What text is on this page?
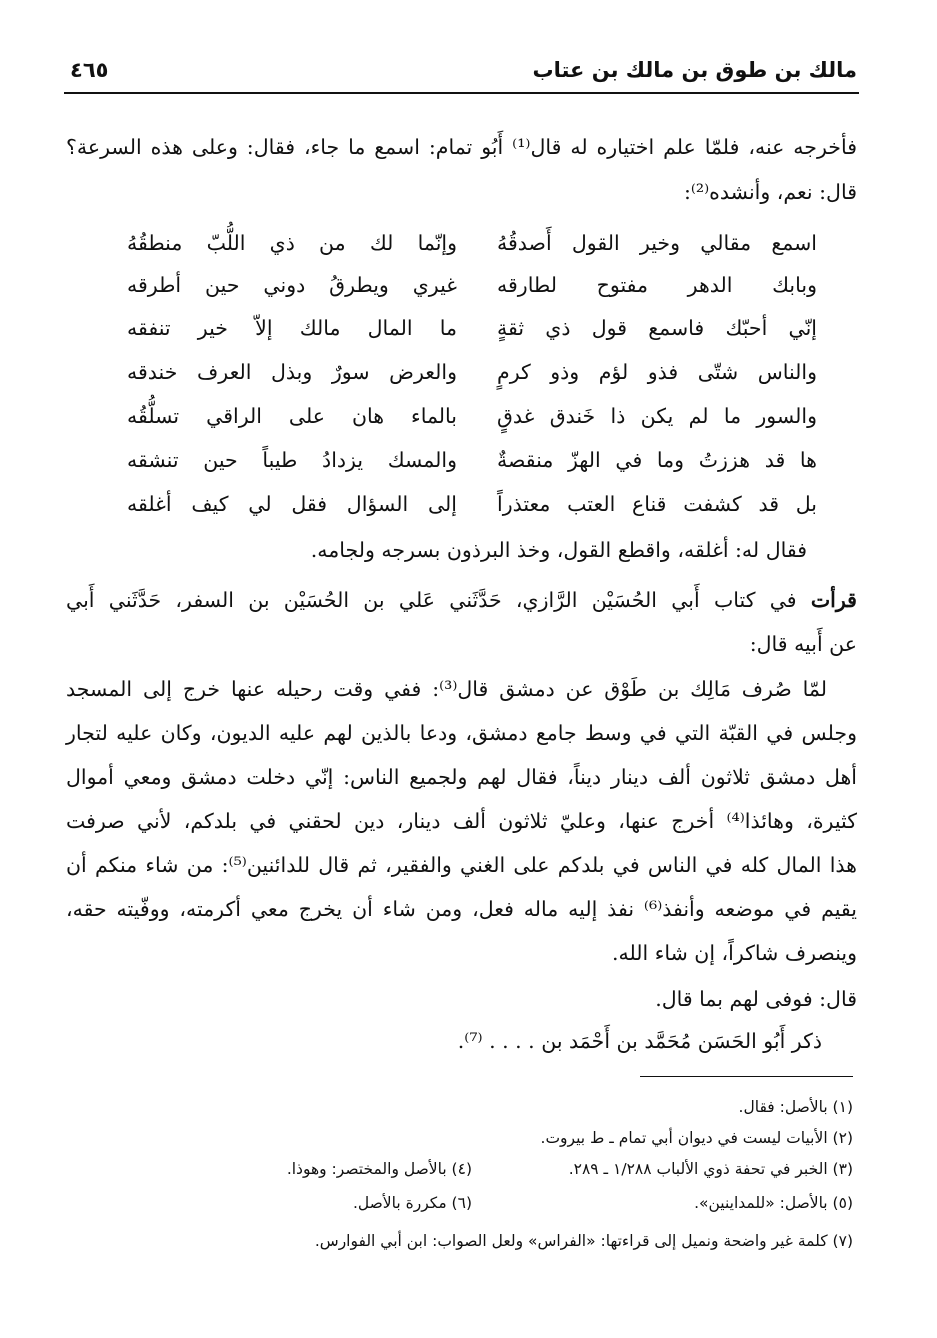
مالك بن طوق بن مالك بن عتاب
٤٦٥
فأخرجه عنه، فلمّا علم اختياره له قال⁽¹⁾ أَبُو تمام: اسمع ما جاء، فقال: وعلى هذه السرعة؟
قال: نعم، وأنشده⁽²⁾:
اسمع مقالي وخير القول أَصدقُهُ
وإنّما لك من ذي اللُّبّ منطقُهُ
وبابك الدهر مفتوح لطارقه
غيري ويطرقُ دوني حين أطرقه
إنّي أحبّك فاسمع قول ذي ثقةٍ
ما المال مالك إلاّ خير تنفقه
والناس شتّى فذو لؤم وذو كرمٍ
والعرض سورٌ وبذل العرف خندقه
والسور ما لم يكن ذا خَندق غدقٍ
بالماء هان على الراقي تسلُّقُه
ها قد هززتُ وما في الهزّ منقصةٌ
والمسك يزدادُ طيباً حين تنشقه
بل قد كشفت قناع العتب معتذراً
إلى السؤال فقل لي كيف أغلقه
فقال له: أغلقه، واقطع القول، وخذ البرذون بسرجه ولجامه.
قرأت في كتاب أَبي الحُسَيْن الرَّازي، حَدَّثَني عَلي بن الحُسَيْن بن السفر، حَدَّثَني أَبي
عن أَبيه قال:
لمّا صُرف مَالِك بن طَوْق عن دمشق قال⁽³⁾: ففي وقت رحيله عنها خرج إلى المسجد
وجلس في القبّة التي في وسط جامع دمشق، ودعا بالذين لهم عليه الديون، وكان عليه لتجار
أهل دمشق ثلاثون ألف دينار ديناً، فقال لهم ولجميع الناس: إنّي دخلت دمشق ومعي أموال
كثيرة، وهائذا⁽⁴⁾ أخرج عنها، وعليّ ثلاثون ألف دينار، دين لحقني في بلدكم، لأني صرفت
هذا المال كله في الناس في بلدكم على الغني والفقير، ثم قال للدائنين⁽⁵⁾: من شاء منكم أن
يقيم في موضعه وأنفذ⁽⁶⁾ نفذ إليه ماله فعل، ومن شاء أن يخرج معي أكرمته، ووفّيته حقه،
وينصرف شاكراً، إن شاء الله.
قال: فوفى لهم بما قال.
ذكر أَبُو الحَسَن مُحَمَّد بن أَحْمَد بن . . . . ⁽⁷⁾.
(١) بالأصل: فقال.
(٢) الأبيات ليست في ديوان أبي تمام ـ ط بيروت.
(٣) الخبر في تحفة ذوي الألباب ١/٢٨٨ ـ ٢٨٩.
(٤) بالأصل والمختصر: وهوذا.
(٥) بالأصل: «للمداينين».
(٦) مكررة بالأصل.
(٧) كلمة غير واضحة ونميل إلى قراءتها: «الفراس» ولعل الصواب: ابن أبي الفوارس.
